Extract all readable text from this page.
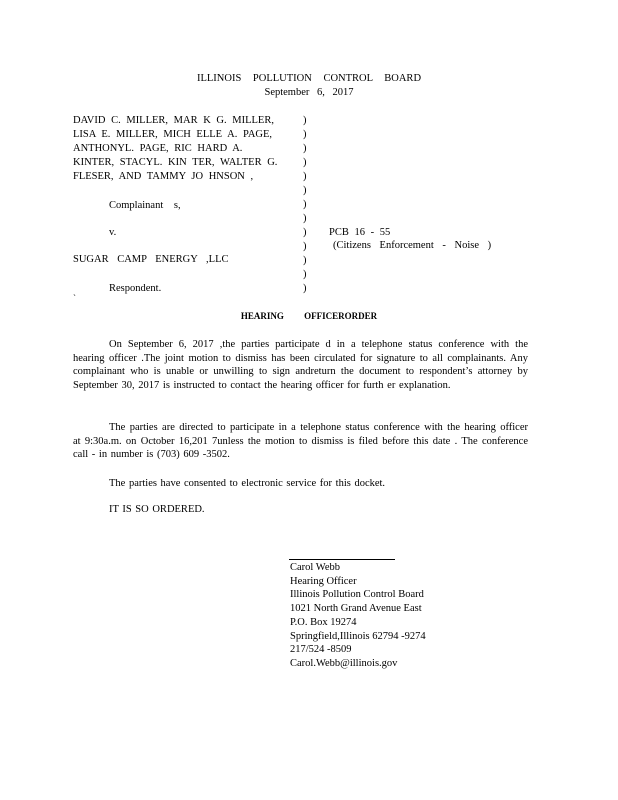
ILLINOIS POLLUTION CONTROL BOARD
September 6, 2017
DAVID C. MILLER, MAR K G. MILLER,
LISA E. MILLER, MICH ELLE A. PAGE,
ANTHONYL. PAGE, RIC HARD A.
KINTER, STACYL. KIN TER, WALTER G.
FLESER, AND TAMMY JO HNSON ,
Complainant s,
v.
SUGAR CAMP ENERGY ,LLC
Respondent.
`
PCB 16 - 55
(Citizens Enforcement - Noise )
)
)
)
)
)
)
)
)
)
)
)
)
)
HEARING OFFICERORDER
On September 6, 2017 ,the parties participate d in a telephone status conference with the hearing officer .The joint motion to dismiss has been circulated for signature to all complainants. Any complainant who is unable or unwilling to sign andreturn the document to respondent’s attorney by September 30, 2017 is instructed to contact the hearing officer for furth er explanation.
The parties are directed to participate in a telephone status conference with the hearing officer at 9:30a.m. on October 16,201 7unless the motion to dismiss is filed before this date . The conference call - in number is (703) 609 -3502.
The parties have consented to electronic service for this docket.
IT IS SO ORDERED.
Carol Webb
Hearing Officer
Illinois Pollution Control Board
1021 North Grand Avenue East
P.O. Box 19274
Springfield,Illinois 62794 -9274
217/524 -8509
Carol.Webb@illinois.gov
